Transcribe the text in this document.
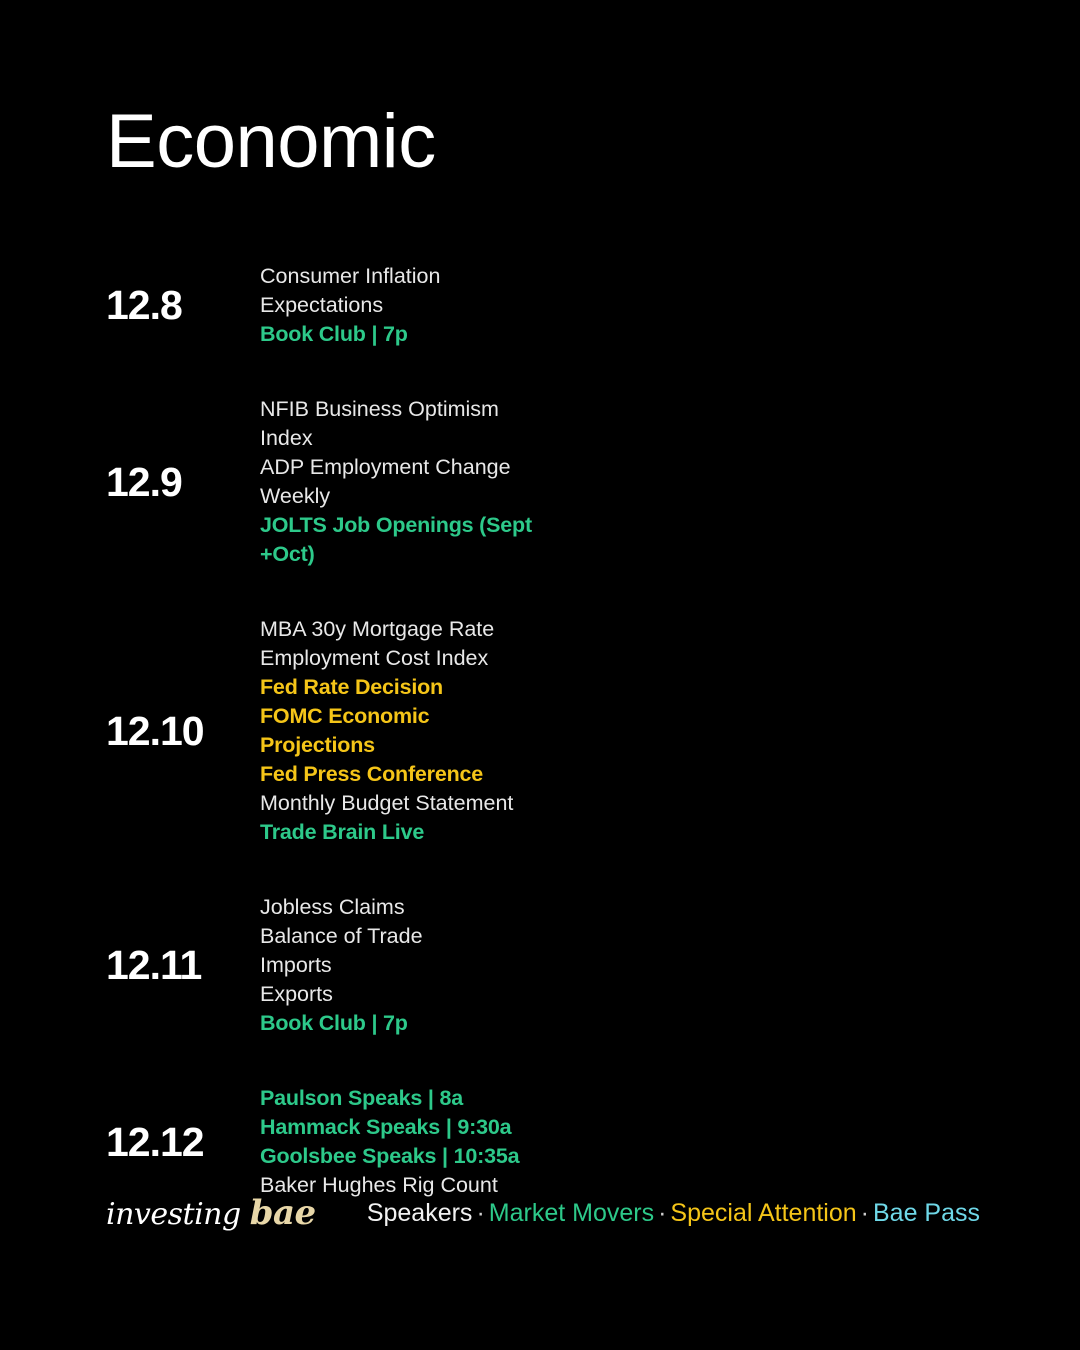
Economic
12.8
Consumer Inflation Expectations
Book Club | 7p
12.9
NFIB Business Optimism Index
ADP Employment Change Weekly
JOLTS Job Openings (Sept +Oct)
12.10
MBA 30y Mortgage Rate
Employment Cost Index
Fed Rate Decision
FOMC Economic Projections
Fed Press Conference
Monthly Budget Statement
Trade Brain Live
12.11
Jobless Claims
Balance of Trade
Imports
Exports
Book Club | 7p
12.12
Paulson Speaks | 8a
Hammack Speaks | 9:30a
Goolsbee Speaks | 10:35a
Baker Hughes Rig Count
investing bae Speakers · Market Movers · Special Attention · Bae Pass
